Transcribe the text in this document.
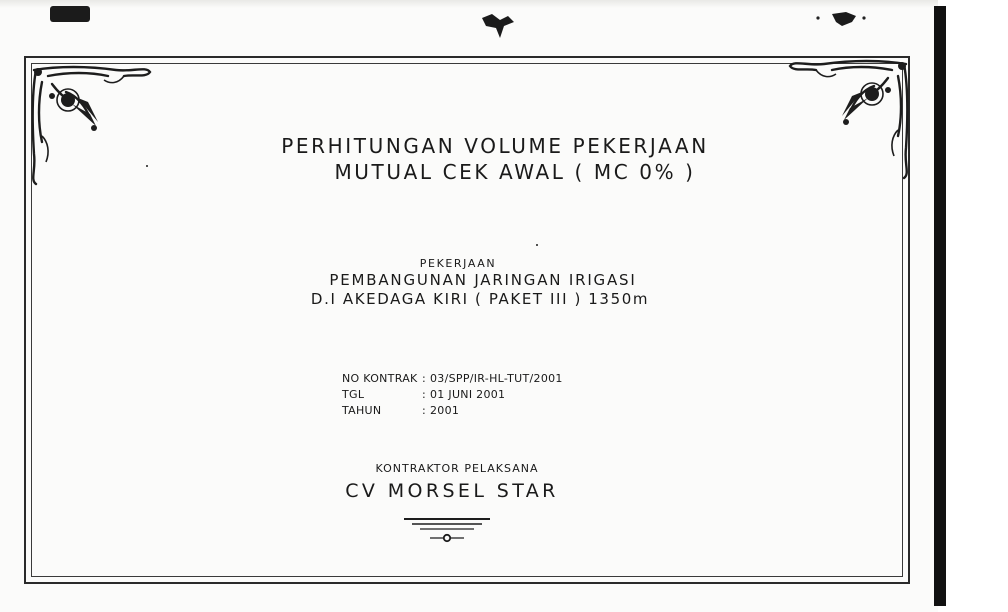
PERHITUNGAN VOLUME PEKERJAAN
MUTUAL CEK AWAL ( MC 0% )
PEKERJAAN
PEMBANGUNAN JARINGAN IRIGASI
D.I AKEDAGA KIRI ( PAKET III ) 1350m
NO KONTRAK : 03/SPP/IR-HL-TUT/2001
TGL	: 01 JUNI 2001
TAHUN	: 2001
KONTRAKTOR PELAKSANA
CV MORSEL STAR
